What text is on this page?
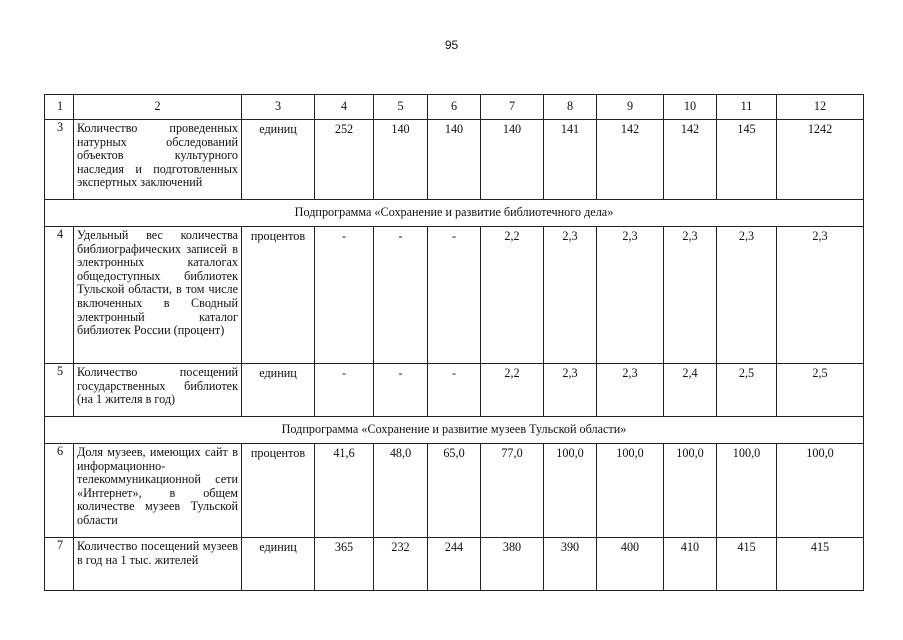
95
1	2	3	4	5	6	7	8	9	10	11	12
3	Количество проведенных натурных обследований объектов культурного наследия и подготовленных экспертных заключений	единиц	252	140	140	140	141	142	142	145	1242
Подпрограмма «Сохранение и развитие библиотечного дела»											
4	Удельный вес количества библиографических записей в электронных каталогах общедоступных библиотек Тульской области, в том числе включенных в Сводный электронный каталог библиотек России (процент)	процентов	-	-	-	2,2	2,3	2,3	2,3	2,3	2,3
5	Количество посещений государственных библиотек (на 1 жителя в год)	единиц	-	-	-	2,2	2,3	2,3	2,4	2,5	2,5
Подпрограмма «Сохранение и развитие музеев Тульской области»											
6	Доля музеев, имеющих сайт в информационно-телекоммуникационной сети «Интернет», в общем количестве музеев Тульской области	процентов	41,6	48,0	65,0	77,0	100,0	100,0	100,0	100,0	100,0
7	Количество посещений музеев в год на 1 тыс. жителей	единиц	365	232	244	380	390	400	410	415	415
